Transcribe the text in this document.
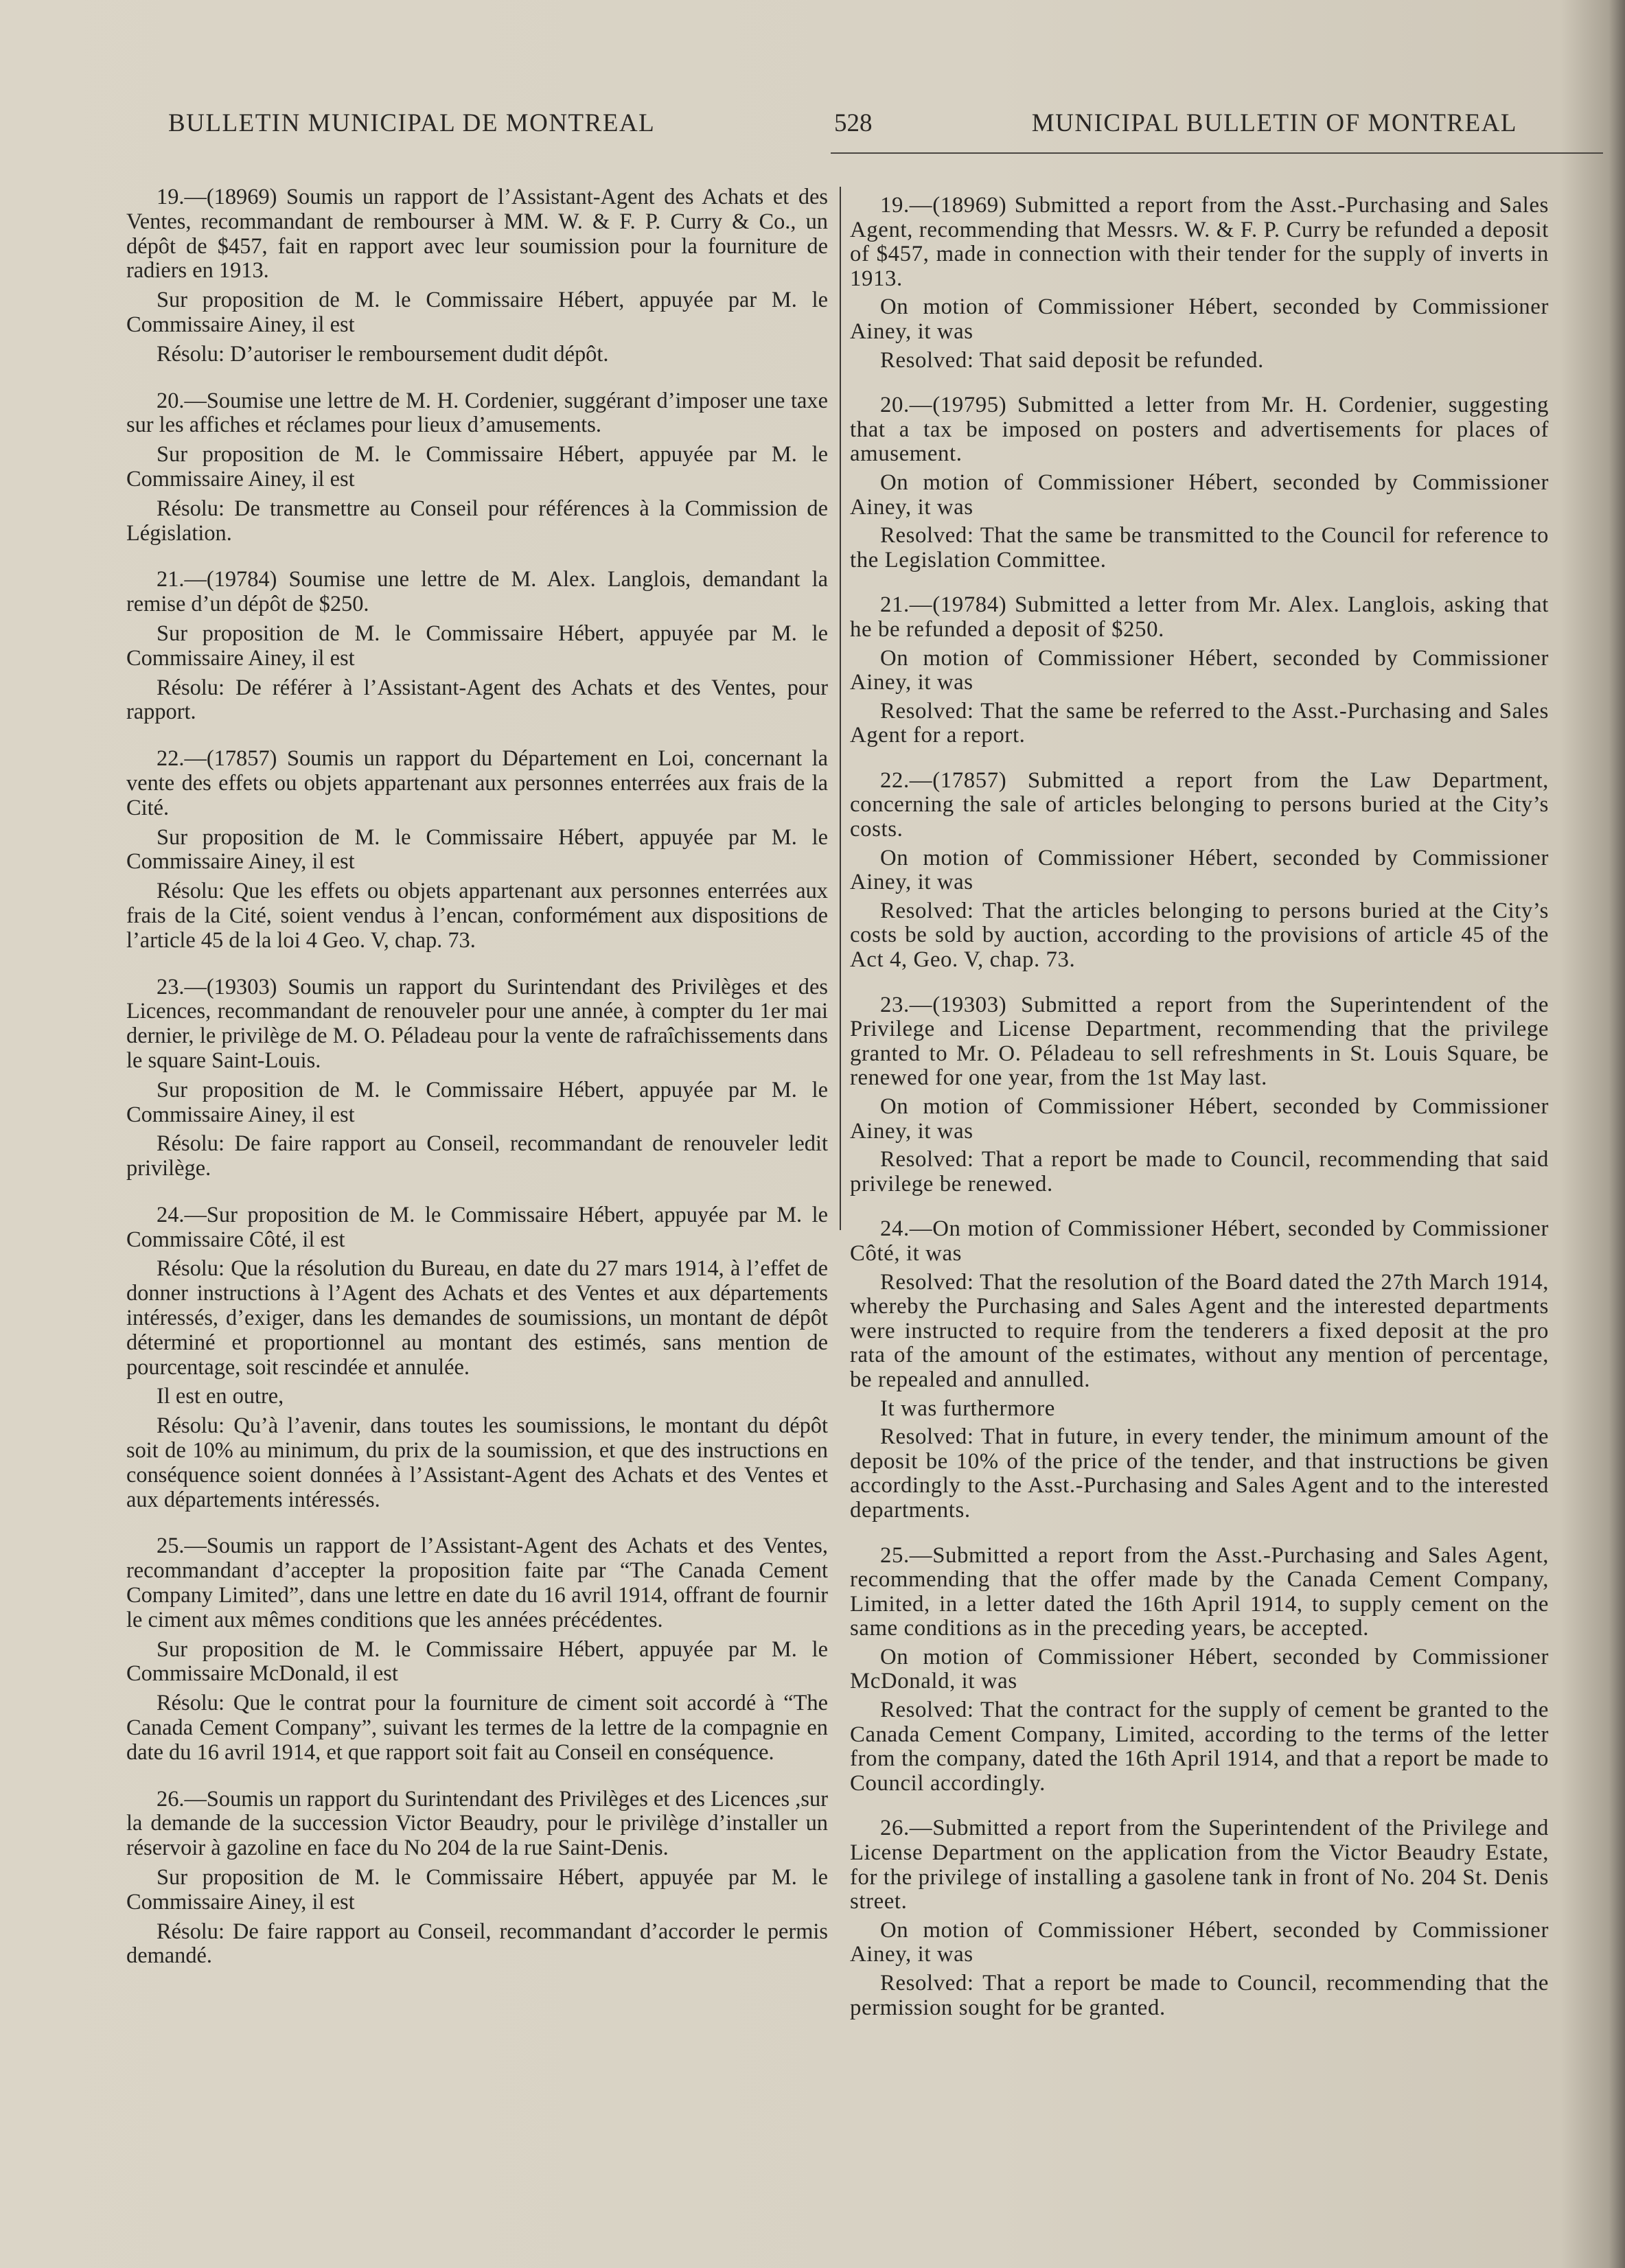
BULLETIN MUNICIPAL DE MONTREAL	528	MUNICIPAL BULLETIN OF MONTREAL

19.—(18969) Soumis un rapport de l’Assistant-Agent des Achats et des Ventes, recommandant de rembourser à MM. W. & F. P. Curry & Co., un dépôt de $457, fait en rapport avec leur soumission pour la fourniture de radiers en 1913.

Sur proposition de M. le Commissaire Hébert, appuyée par M. le Commissaire Ainey, il est

Résolu: D’autoriser le remboursement dudit dépôt.

20.—Soumise une lettre de M. H. Cordenier, suggérant d’imposer une taxe sur les affiches et réclames pour lieux d’amusements.

Sur proposition de M. le Commissaire Hébert, appuyée par M. le Commissaire Ainey, il est

Résolu: De transmettre au Conseil pour références à la Commission de Législation.

21.—(19784) Soumise une lettre de M. Alex. Langlois, demandant la remise d’un dépôt de $250.

Sur proposition de M. le Commissaire Hébert, appuyée par M. le Commissaire Ainey, il est

Résolu: De référer à l’Assistant-Agent des Achats et des Ventes, pour rapport.

22.—(17857) Soumis un rapport du Département en Loi, concernant la vente des effets ou objets appartenant aux personnes enterrées aux frais de la Cité.

Sur proposition de M. le Commissaire Hébert, appuyée par M. le Commissaire Ainey, il est

Résolu: Que les effets ou objets appartenant aux personnes enterrées aux frais de la Cité, soient vendus à l’encan, conformément aux dispositions de l’article 45 de la loi 4 Geo. V, chap. 73.

23.—(19303) Soumis un rapport du Surintendant des Privilèges et des Licences, recommandant de renouveler pour une année, à compter du 1er mai dernier, le privilège de M. O. Péladeau pour la vente de rafraîchissements dans le square Saint-Louis.

Sur proposition de M. le Commissaire Hébert, appuyée par M. le Commissaire Ainey, il est

Résolu: De faire rapport au Conseil, recommandant de renouveler ledit privilège.

24.—Sur proposition de M. le Commissaire Hébert, appuyée par M. le Commissaire Côté, il est

Résolu: Que la résolution du Bureau, en date du 27 mars 1914, à l’effet de donner instructions à l’Agent des Achats et des Ventes et aux départements intéressés, d’exiger, dans les demandes de soumissions, un montant de dépôt déterminé et proportionnel au montant des estimés, sans mention de pourcentage, soit rescindée et annulée.

Il est en outre,

Résolu: Qu’à l’avenir, dans toutes les soumissions, le montant du dépôt soit de 10% au minimum, du prix de la soumission, et que des instructions en conséquence soient données à l’Assistant-Agent des Achats et des Ventes et aux départements intéressés.

25.—Soumis un rapport de l’Assistant-Agent des Achats et des Ventes, recommandant d’accepter la proposition faite par “The Canada Cement Company Limited”, dans une lettre en date du 16 avril 1914, offrant de fournir le ciment aux mêmes conditions que les années précédentes.

Sur proposition de M. le Commissaire Hébert, appuyée par M. le Commissaire McDonald, il est

Résolu: Que le contrat pour la fourniture de ciment soit accordé à “The Canada Cement Company”, suivant les termes de la lettre de la compagnie en date du 16 avril 1914, et que rapport soit fait au Conseil en conséquence.

26.—Soumis un rapport du Surintendant des Privilèges et des Licences ,sur la demande de la succession Victor Beaudry, pour le privilège d’installer un réservoir à gazoline en face du No 204 de la rue Saint-Denis.

Sur proposition de M. le Commissaire Hébert, appuyée par M. le Commissaire Ainey, il est

Résolu: De faire rapport au Conseil, recommandant d’accorder le permis demandé.

19.—(18969) Submitted a report from the Asst.-Purchasing and Sales Agent, recommending that Messrs. W. & F. P. Curry be refunded a deposit of $457, made in connection with their tender for the supply of inverts in 1913.

On motion of Commissioner Hébert, seconded by Commissioner Ainey, it was

Resolved: That said deposit be refunded.

20.—(19795) Submitted a letter from Mr. H. Cordenier, suggesting that a tax be imposed on posters and advertisements for places of amusement.

On motion of Commissioner Hébert, seconded by Commissioner Ainey, it was

Resolved: That the same be transmitted to the Council for reference to the Legislation Committee.

21.—(19784) Submitted a letter from Mr. Alex. Langlois, asking that he be refunded a deposit of $250.

On motion of Commissioner Hébert, seconded by Commissioner Ainey, it was

Resolved: That the same be referred to the Asst.-Purchasing and Sales Agent for a report.

22.—(17857) Submitted a report from the Law Department, concerning the sale of articles belonging to persons buried at the City’s costs.

On motion of Commissioner Hébert, seconded by Commissioner Ainey, it was

Resolved: That the articles belonging to persons buried at the City’s costs be sold by auction, according to the provisions of article 45 of the Act 4, Geo. V, chap. 73.

23.—(19303) Submitted a report from the Superintendent of the Privilege and License Department, recommending that the privilege granted to Mr. O. Péladeau to sell refreshments in St. Louis Square, be renewed for one year, from the 1st May last.

On motion of Commissioner Hébert, seconded by Commissioner Ainey, it was

Resolved: That a report be made to Council, recommending that said privilege be renewed.

24.—On motion of Commissioner Hébert, seconded by Commissioner Côté, it was

Resolved: That the resolution of the Board dated the 27th March 1914, whereby the Purchasing and Sales Agent and the interested departments were instructed to require from the tenderers a fixed deposit at the pro rata of the amount of the estimates, without any mention of percentage, be repealed and annulled.

It was furthermore

Resolved: That in future, in every tender, the minimum amount of the deposit be 10% of the price of the tender, and that instructions be given accordingly to the Asst.-Purchasing and Sales Agent and to the interested departments.

25.—Submitted a report from the Asst.-Purchasing and Sales Agent, recommending that the offer made by the Canada Cement Company, Limited, in a letter dated the 16th April 1914, to supply cement on the same conditions as in the preceding years, be accepted.

On motion of Commissioner Hébert, seconded by Commissioner McDonald, it was

Resolved: That the contract for the supply of cement be granted to the Canada Cement Company, Limited, according to the terms of the letter from the company, dated the 16th April 1914, and that a report be made to Council accordingly.

26.—Submitted a report from the Superintendent of the Privilege and License Department on the application from the Victor Beaudry Estate, for the privilege of installing a gasolene tank in front of No. 204 St. Denis street.

On motion of Commissioner Hébert, seconded by Commissioner Ainey, it was

Resolved: That a report be made to Council, recommending that the permission sought for be granted.
